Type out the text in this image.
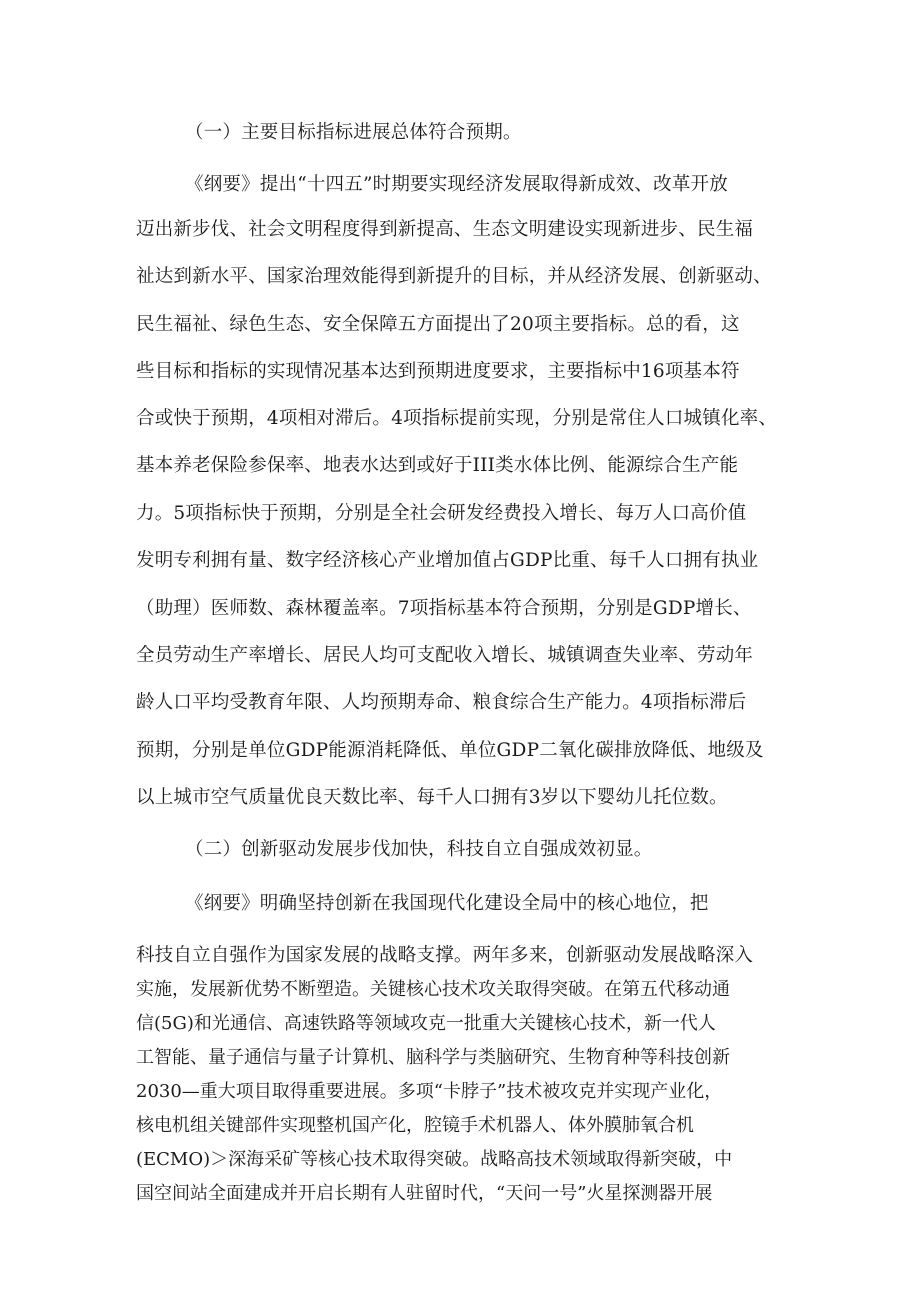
（一）主要目标指标进展总体符合预期。
《纲要》提出“十四五”时期要实现经济发展取得新成效、改革开放
迈出新步伐、社会文明程度得到新提高、生态文明建设实现新进步、民生福
祉达到新水平、国家治理效能得到新提升的目标，并从经济发展、创新驱动、
民生福祉、绿色生态、安全保障五方面提出了20项主要指标。总的看，这
些目标和指标的实现情况基本达到预期进度要求，主要指标中16项基本符
合或快于预期，4项相对滞后。4项指标提前实现，分别是常住人口城镇化率、
基本养老保险参保率、地表水达到或好于III类水体比例、能源综合生产能
力。5项指标快于预期，分别是全社会研发经费投入增长、每万人口高价值
发明专利拥有量、数字经济核心产业增加值占GDP比重、每千人口拥有执业
（助理）医师数、森林覆盖率。7项指标基本符合预期，分别是GDP增长、
全员劳动生产率增长、居民人均可支配收入增长、城镇调查失业率、劳动年
龄人口平均受教育年限、人均预期寿命、粮食综合生产能力。4项指标滞后
预期，分别是单位GDP能源消耗降低、单位GDP二氧化碳排放降低、地级及
以上城市空气质量优良天数比率、每千人口拥有3岁以下婴幼儿托位数。
（二）创新驱动发展步伐加快，科技自立自强成效初显。
《纲要》明确坚持创新在我国现代化建设全局中的核心地位，把
科技自立自强作为国家发展的战略支撑。两年多来，创新驱动发展战略深入
实施，发展新优势不断塑造。关键核心技术攻关取得突破。在第五代移动通
信(5G)和光通信、高速铁路等领域攻克一批重大关键核心技术，新一代人
工智能、量子通信与量子计算机、脑科学与类脑研究、生物育种等科技创新
2030—重大项目取得重要进展。多项“卡脖子”技术被攻克并实现产业化，
核电机组关键部件实现整机国产化，腔镜手术机器人、体外膜肺氧合机
(ECMO)＞深海采矿等核心技术取得突破。战略高技术领域取得新突破，中
国空间站全面建成并开启长期有人驻留时代，“天问一号”火星探测器开展
